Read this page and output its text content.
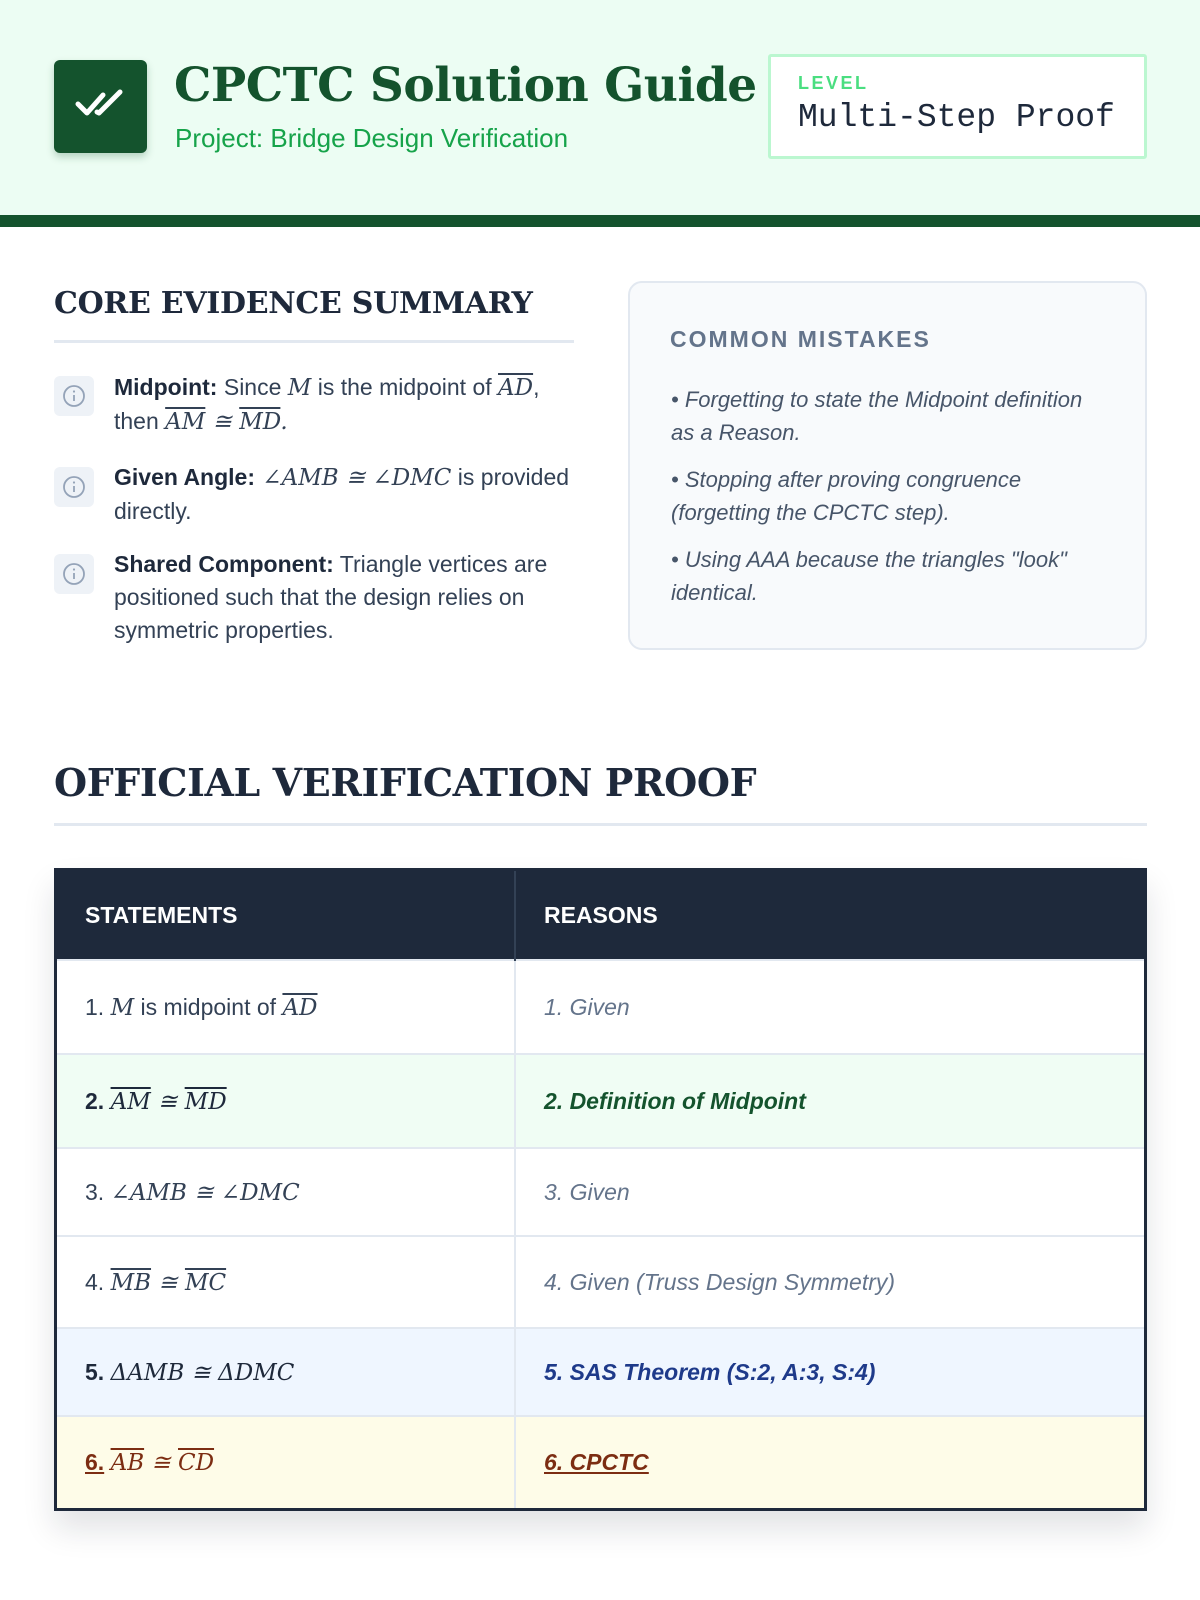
CPCTC Solution Guide
Project: Bridge Design Verification
LEVEL
Multi-Step Proof
CORE EVIDENCE SUMMARY
Midpoint: Since M is the midpoint of $\overline{AD}$, then $\overline{AM}$ ≅ $\overline{MD}$.
Given Angle: ∠AMB ≅ ∠DMC is provided directly.
Shared Component: Triangle vertices are positioned such that the design relies on symmetric properties.
COMMON MISTAKES
• Forgetting to state the Midpoint definition as a Reason.
• Stopping after proving congruence (forgetting the CPCTC step).
• Using AAA because the triangles "look" identical.
OFFICIAL VERIFICATION PROOF
STATEMENTS	REASONS
1. M is midpoint of $\overline{AD}$	1. Given
2. $\overline{AM}$ ≅ $\overline{MD}$	2. Definition of Midpoint
3. ∠AMB ≅ ∠DMC	3. Given
4. $\overline{MB}$ ≅ $\overline{MC}$	4. Given (Truss Design Symmetry)
5. ΔAMB ≅ ΔDMC	5. SAS Theorem (S:2, A:3, S:4)
6. $\overline{AB}$ ≅ $\overline{CD}$	6. CPCTC
